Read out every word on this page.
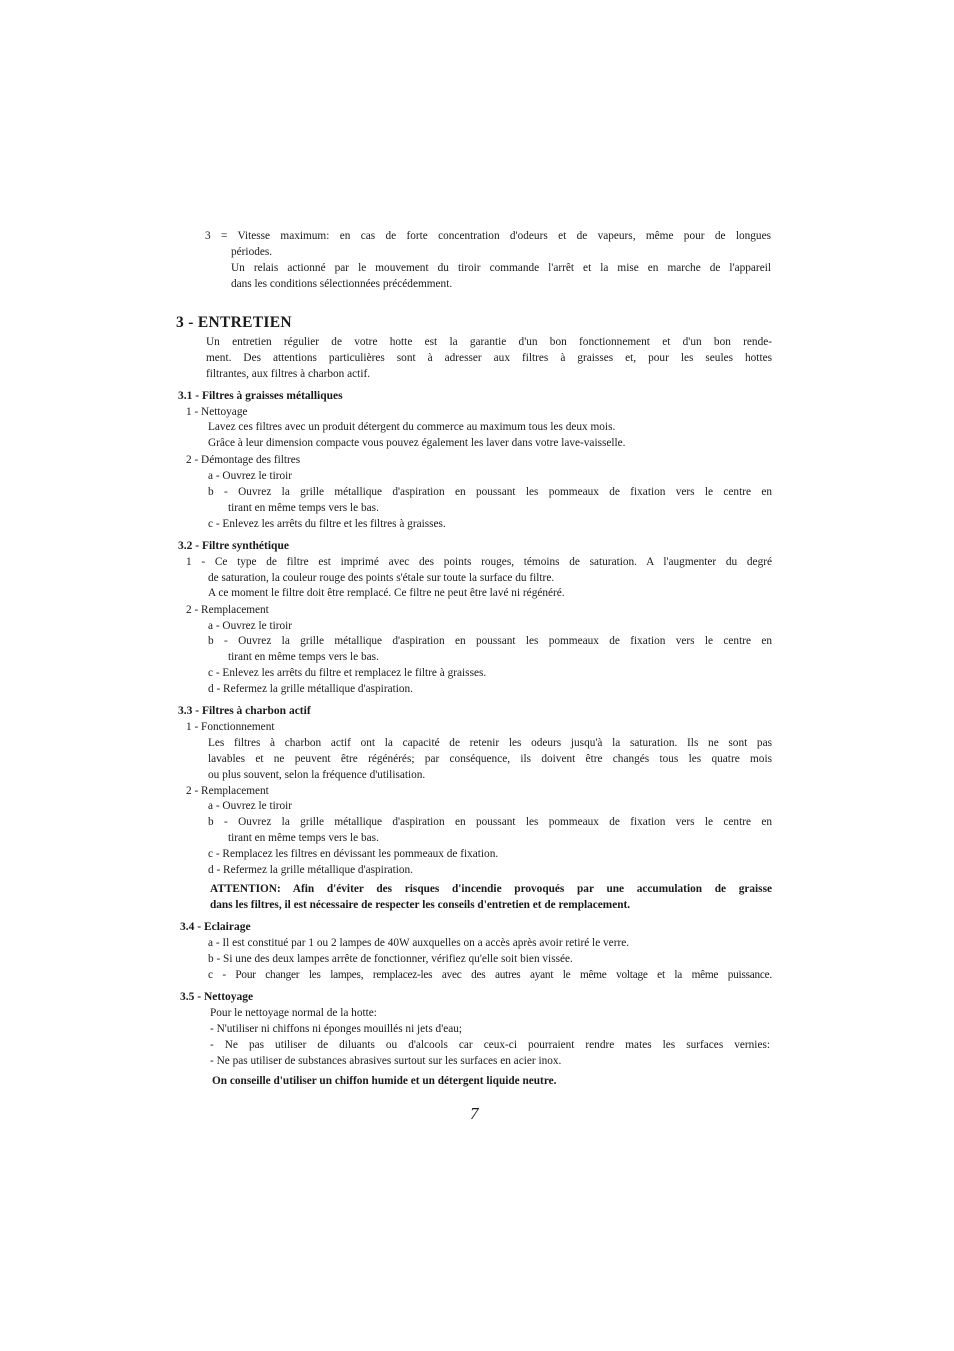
3 = Vitesse maximum: en cas de forte concentration d'odeurs et de vapeurs, même pour de longues
périodes.
Un relais actionné par le mouvement du tiroir commande l'arrêt et la mise en marche de l'appareil
dans les conditions sélectionnées précédemment.
3 - ENTRETIEN
Un entretien régulier de votre hotte est la garantie d'un bon fonctionnement et d'un bon rende-
ment. Des attentions particulières sont à adresser aux filtres à graisses et, pour les seules hottes
filtrantes, aux filtres à charbon actif.
3.1 - Filtres à graisses métalliques
1 - Nettoyage
Lavez ces filtres avec un produit détergent du commerce au maximum tous les deux mois.
Grâce à leur dimension compacte vous pouvez également les laver dans votre lave-vaisselle.
2 - Démontage des filtres
a - Ouvrez le tiroir
b - Ouvrez la grille métallique d'aspiration en poussant les pommeaux de fixation vers le centre en
tirant en même temps vers le bas.
c - Enlevez les arrêts du filtre et les filtres à graisses.
3.2 - Filtre synthétique
1 - Ce type de filtre est imprimé avec des points rouges, témoins de saturation. A l'augmenter du degré
de saturation, la couleur rouge des points s'étale sur toute la surface du filtre.
A ce moment le filtre doit être remplacé. Ce filtre ne peut être lavé ni régénéré.
2 - Remplacement
a - Ouvrez le tiroir
b - Ouvrez la grille métallique d'aspiration en poussant les pommeaux de fixation vers le centre en
tirant en même temps vers le bas.
c - Enlevez les arrêts du filtre et remplacez le filtre à graisses.
d - Refermez la grille métallique d'aspiration.
3.3 - Filtres à charbon actif
1 - Fonctionnement
Les filtres à charbon actif ont la capacité de retenir les odeurs jusqu'à la saturation. Ils ne sont pas
lavables et ne peuvent être régénérés; par conséquence, ils doivent être changés tous les quatre mois
ou plus souvent, selon la fréquence d'utilisation.
2 - Remplacement
a - Ouvrez le tiroir
b - Ouvrez la grille métallique d'aspiration en poussant les pommeaux de fixation vers le centre en
tirant en même temps vers le bas.
c - Remplacez les filtres en dévissant les pommeaux de fixation.
d - Refermez la grille métallique d'aspiration.
ATTENTION: Afin d'éviter des risques d'incendie provoqués par une accumulation de graisse
dans les filtres, il est nécessaire de respecter les conseils d'entretien et de remplacement.
3.4 - Eclairage
a - Il est constitué par 1 ou 2 lampes de 40W auxquelles on a accès après avoir retiré le verre.
b - Si une des deux lampes arrête de fonctionner, vérifiez qu'elle soit bien vissée.
c - Pour changer les lampes, remplacez-les avec des autres ayant le même voltage et la même puissance.
3.5 - Nettoyage
Pour le nettoyage normal de la hotte:
- N'utiliser ni chiffons ni éponges mouillés ni jets d'eau;
- Ne pas utiliser de diluants ou d'alcools car ceux-ci pourraient rendre mates les surfaces vernies:
- Ne pas utiliser de substances abrasives surtout sur les surfaces en acier inox.
On conseille d'utiliser un chiffon humide et un détergent liquide neutre.
7
